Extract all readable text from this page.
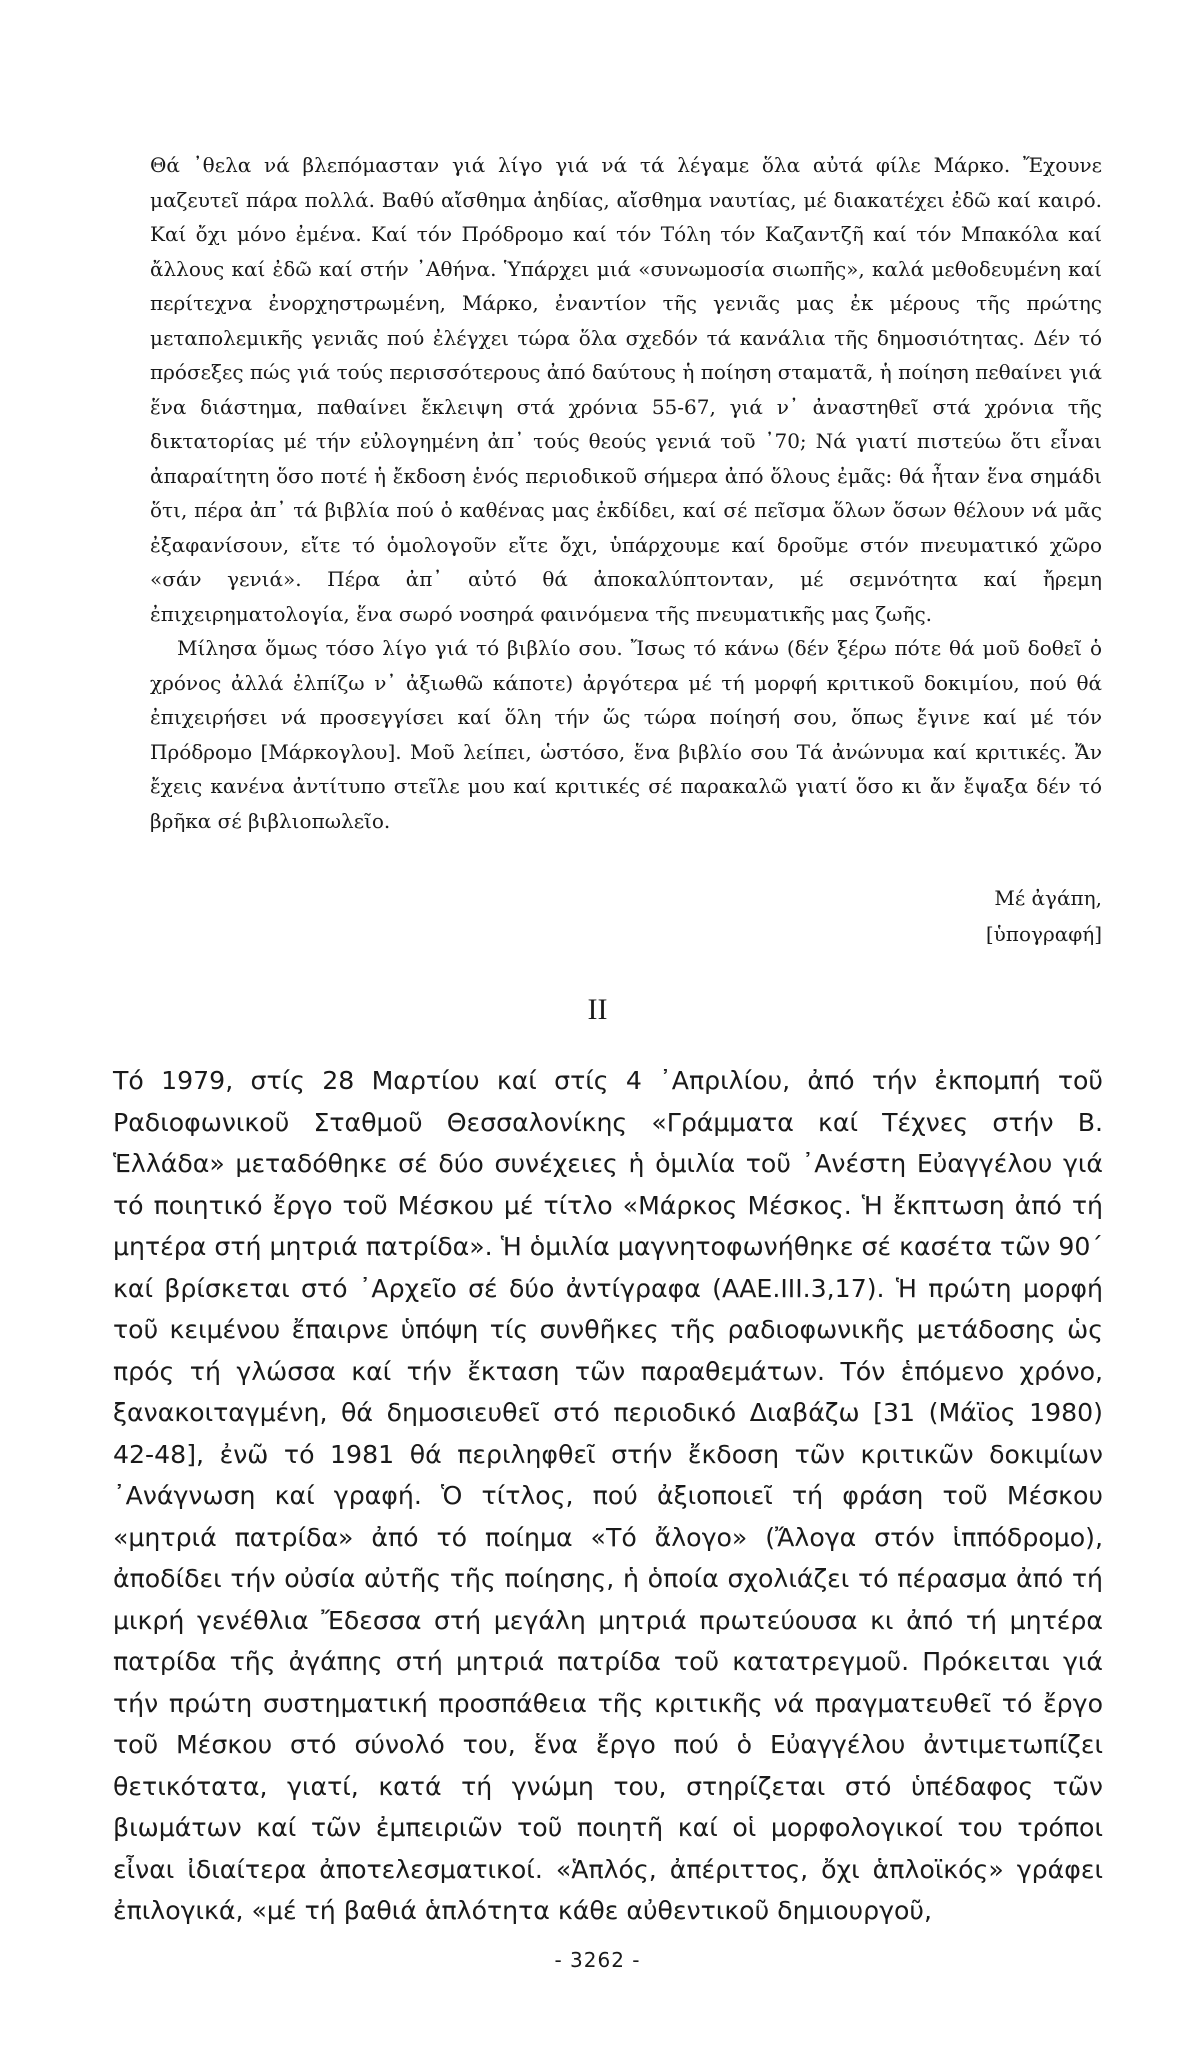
Θά ᾽θελα νά βλεπόμασταν γιά λίγο γιά νά τά λέγαμε ὅλα αὐτά φίλε Μάρκο. Ἔχουνε μαζευτεῖ πάρα πολλά. Βαθύ αἴσθημα ἀηδίας, αἴσθημα ναυτίας, μέ διακατέχει ἐδῶ καί καιρό. Καί ὄχι μόνο ἐμένα. Καί τόν Πρόδρομο καί τόν Τόλη τόν Καζαντζῆ καί τόν Μπακόλα καί ἄλλους καί ἐδῶ καί στήν ᾽Αθήνα. Ὑπάρχει μιά «συνωμοσία σιωπῆς», καλά μεθοδευμένη καί περίτεχνα ἐνορχηστρωμένη, Μάρκο, ἐναντίον τῆς γενιᾶς μας ἐκ μέρους τῆς πρώτης μεταπολεμικῆς γενιᾶς πού ἐλέγχει τώρα ὅλα σχεδόν τά κανάλια τῆς δημοσιότητας. Δέν τό πρόσεξες πώς γιά τούς περισσότερους ἀπό δαύτους ἡ ποίηση σταματᾶ, ἡ ποίηση πεθαίνει γιά ἕνα διάστημα, παθαίνει ἔκλειψη στά χρόνια 55-67, γιά ν᾽ ἀναστηθεῖ στά χρόνια τῆς δικτατορίας μέ τήν εὐλογημένη ἀπ᾽ τούς θεούς γενιά τοῦ ᾽70; Νά γιατί πιστεύω ὅτι εἶναι ἀπαραίτητη ὅσο ποτέ ἡ ἔκδοση ἑνός περιοδικοῦ σήμερα ἀπό ὅλους ἐμᾶς: θά ἦταν ἕνα σημάδι ὅτι, πέρα ἀπ᾽ τά βιβλία πού ὁ καθένας μας ἐκδίδει, καί σέ πεῖσμα ὅλων ὅσων θέλουν νά μᾶς ἐξαφανίσουν, εἴτε τό ὁμολογοῦν εἴτε ὄχι, ὑπάρχουμε καί δροῦμε στόν πνευματικό χῶρο «σάν γενιά». Πέρα ἀπ᾽ αὐτό θά ἀποκαλύπτονταν, μέ σεμνότητα καί ἤρεμη ἐπιχειρηματολογία, ἕνα σωρό νοσηρά φαινόμενα τῆς πνευματικῆς μας ζωῆς.

Μίλησα ὅμως τόσο λίγο γιά τό βιβλίο σου. Ἴσως τό κάνω (δέν ξέρω πότε θά μοῦ δοθεῖ ὁ χρόνος ἀλλά ἐλπίζω ν᾽ ἀξιωθῶ κάποτε) ἀργότερα μέ τή μορφή κριτικοῦ δοκιμίου, πού θά ἐπιχειρήσει νά προσεγγίσει καί ὅλη τήν ὥς τώρα ποίησή σου, ὅπως ἔγινε καί μέ τόν Πρόδρομο [Μάρκογλου]. Μοῦ λείπει, ὡστόσο, ἕνα βιβλίο σου Τά ἀνώνυμα καί κριτικές. Ἄν ἔχεις κανένα ἀντίτυπο στεῖλε μου καί κριτικές σέ παρακαλῶ γιατί ὅσο κι ἄν ἔψαξα δέν τό βρῆκα σέ βιβλιοπωλεῖο.

Μέ ἀγάπη,
[ὑπογραφή]
II

Τό 1979, στίς 28 Μαρτίου καί στίς 4 ᾽Απριλίου, ἀπό τήν ἐκπομπή τοῦ Ραδιοφωνικοῦ Σταθμοῦ Θεσσαλονίκης «Γράμματα καί Τέχνες στήν Β. Ἑλλάδα» μεταδόθηκε σέ δύο συνέχειες ἡ ὁμιλία τοῦ ᾽Ανέστη Εὐαγγέλου γιά τό ποιητικό ἔργο τοῦ Μέσκου μέ τίτλο «Μάρκος Μέσκος. Ἡ ἔκπτωση ἀπό τή μητέρα στή μητριά πατρίδα». Ἡ ὁμιλία μαγνητοφωνήθηκε σέ κασέτα τῶν 90΄ καί βρίσκεται στό ᾽Αρχεῖο σέ δύο ἀντίγραφα (ΑΑΕ.ΙΙΙ.3,17). Ἡ πρώτη μορφή τοῦ κειμένου ἔπαιρνε ὑπόψη τίς συνθῆκες τῆς ραδιοφωνικῆς μετάδοσης ὡς πρός τή γλώσσα καί τήν ἔκταση τῶν παραθεμάτων. Τόν ἑπόμενο χρόνο, ξανακοιταγμένη, θά δημοσιευθεῖ στό περιοδικό Διαβάζω [31 (Μάϊος 1980) 42-48], ἐνῶ τό 1981 θά περιληφθεῖ στήν ἔκδοση τῶν κριτικῶν δοκιμίων ᾽Ανάγνωση καί γραφή. Ὁ τίτλος, πού ἀξιοποιεῖ τή φράση τοῦ Μέσκου «μητριά πατρίδα» ἀπό τό ποίημα «Τό ἄλογο» (Ἄλογα στόν ἱππόδρομο), ἀποδίδει τήν οὐσία αὐτῆς τῆς ποίησης, ἡ ὁποία σχολιάζει τό πέρασμα ἀπό τή μικρή γενέθλια Ἔδεσσα στή μεγάλη μητριά πρωτεύουσα κι ἀπό τή μητέρα πατρίδα τῆς ἀγάπης στή μητριά πατρίδα τοῦ κατατρεγμοῦ. Πρόκειται γιά τήν πρώτη συστηματική προσπάθεια τῆς κριτικῆς νά πραγματευθεῖ τό ἔργο τοῦ Μέσκου στό σύνολό του, ἕνα ἔργο πού ὁ Εὐαγγέλου ἀντιμετωπίζει θετικότατα, γιατί, κατά τή γνώμη του, στηρίζεται στό ὑπέδαφος τῶν βιωμάτων καί τῶν ἐμπειριῶν τοῦ ποιητῆ καί οἱ μορφολογικοί του τρόποι εἶναι ἰδιαίτερα ἀποτελεσματικοί. «Ἁπλός, ἀπέριττος, ὄχι ἁπλοϊκός» γράφει ἐπιλογικά, «μέ τή βαθιά ἁπλότητα κάθε αὐθεντικοῦ δημιουργοῦ,

- 3262 -
